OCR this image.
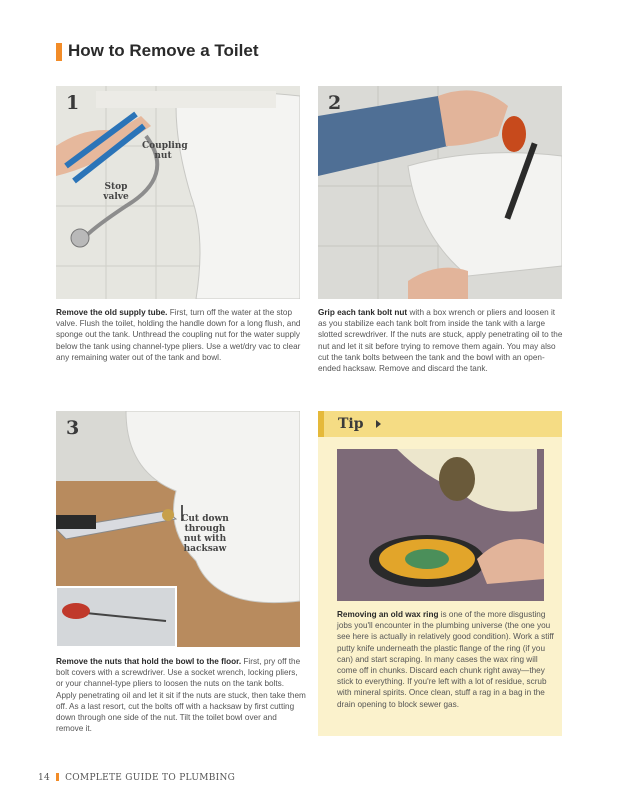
How to Remove a Toilet
1
Coupling nut
Stop valve

Remove the old supply tube. First, turn off the water at the stop valve. Flush the toilet, holding the handle down for a long flush, and sponge out the tank. Unthread the coupling nut for the water supply below the tank using channel-type pliers. Use a wet/dry vac to clear any remaining water out of the tank and bowl.

2

Grip each tank bolt nut with a box wrench or pliers and loosen it as you stabilize each tank bolt from inside the tank with a large slotted screwdriver. If the nuts are stuck, apply penetrating oil to the nut and let it sit before trying to remove them again. You may also cut the tank bolts between the tank and the bowl with an open-ended hacksaw. Remove and discard the tank.

3
Cut down through nut with hacksaw

Remove the nuts that hold the bowl to the floor. First, pry off the bolt covers with a screwdriver. Use a socket wrench, locking pliers, or your channel-type pliers to loosen the nuts on the tank bolts. Apply penetrating oil and let it sit if the nuts are stuck, then take them off. As a last resort, cut the bolts off with a hacksaw by first cutting down through one side of the nut. Tilt the toilet bowl over and remove it.

Tip

Removing an old wax ring is one of the more disgusting jobs you'll encounter in the plumbing universe (the one you see here is actually in relatively good condition). Work a stiff putty knife underneath the plastic flange of the ring (if you can) and start scraping. In many cases the wax ring will come off in chunks. Discard each chunk right away—they stick to everything. If you're left with a lot of residue, scrub with mineral spirits. Once clean, stuff a rag in a bag in the drain opening to block sewer gas.

14 COMPLETE GUIDE TO PLUMBING
